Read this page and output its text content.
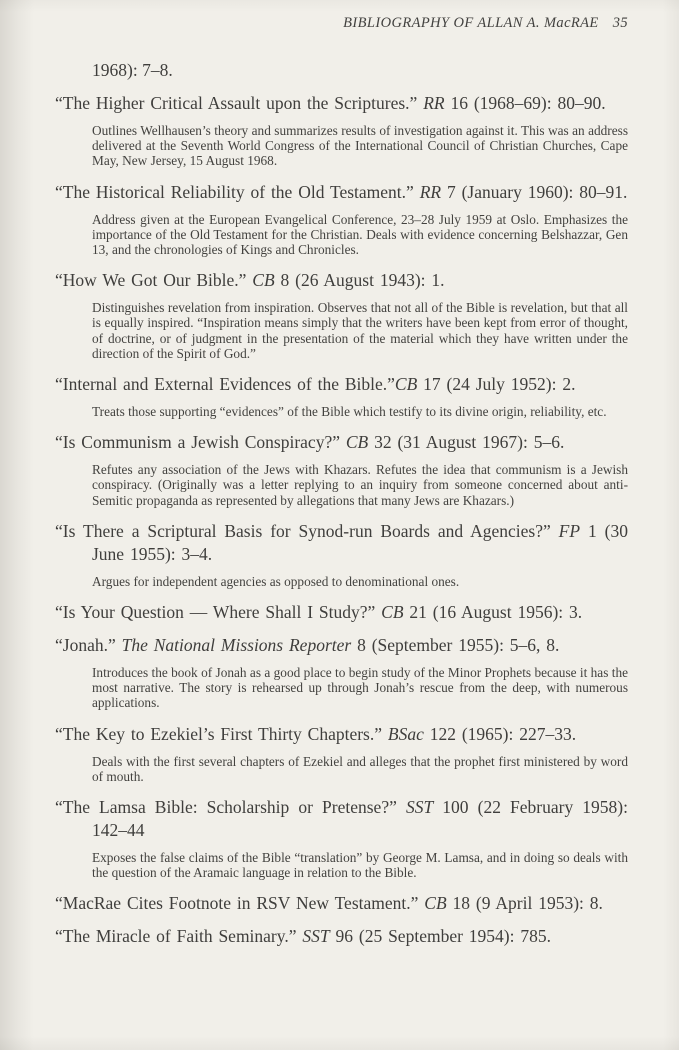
BIBLIOGRAPHY OF ALLAN A. MacRAE 35

1968): 7–8.

“The Higher Critical Assault upon the Scriptures.” RR 16 (1968–69): 80–90.

Outlines Wellhausen’s theory and summarizes results of investigation against it. This was an address delivered at the Seventh World Congress of the International Council of Christian Churches, Cape May, New Jersey, 15 August 1968.

“The Historical Reliability of the Old Testament.” RR 7 (January 1960): 80–91.

Address given at the European Evangelical Conference, 23–28 July 1959 at Oslo. Emphasizes the importance of the Old Testament for the Christian. Deals with evidence concerning Belshazzar, Gen 13, and the chronologies of Kings and Chronicles.

“How We Got Our Bible.” CB 8 (26 August 1943): 1.

Distinguishes revelation from inspiration. Observes that not all of the Bible is revelation, but that all is equally inspired. “Inspiration means simply that the writers have been kept from error of thought, of doctrine, or of judgment in the presentation of the material which they have written under the direction of the Spirit of God.”

“Internal and External Evidences of the Bible.”CB 17 (24 July 1952): 2.

Treats those supporting “evidences” of the Bible which testify to its divine origin, reliability, etc.

“Is Communism a Jewish Conspiracy?” CB 32 (31 August 1967): 5–6.

Refutes any association of the Jews with Khazars. Refutes the idea that communism is a Jewish conspiracy. (Originally was a letter replying to an inquiry from someone concerned about anti-Semitic propaganda as represented by allegations that many Jews are Khazars.)

“Is There a Scriptural Basis for Synod-run Boards and Agencies?” FP 1 (30 June 1955): 3–4.

Argues for independent agencies as opposed to denominational ones.

“Is Your Question — Where Shall I Study?” CB 21 (16 August 1956): 3.

“Jonah.” The National Missions Reporter 8 (September 1955): 5–6, 8.

Introduces the book of Jonah as a good place to begin study of the Minor Prophets because it has the most narrative. The story is rehearsed up through Jonah’s rescue from the deep, with numerous applications.

“The Key to Ezekiel’s First Thirty Chapters.” BSac 122 (1965): 227–33.

Deals with the first several chapters of Ezekiel and alleges that the prophet first ministered by word of mouth.

“The Lamsa Bible: Scholarship or Pretense?” SST 100 (22 February 1958): 142–44

Exposes the false claims of the Bible “translation” by George M. Lamsa, and in doing so deals with the question of the Aramaic language in relation to the Bible.

“MacRae Cites Footnote in RSV New Testament.” CB 18 (9 April 1953): 8.

“The Miracle of Faith Seminary.” SST 96 (25 September 1954): 785.
